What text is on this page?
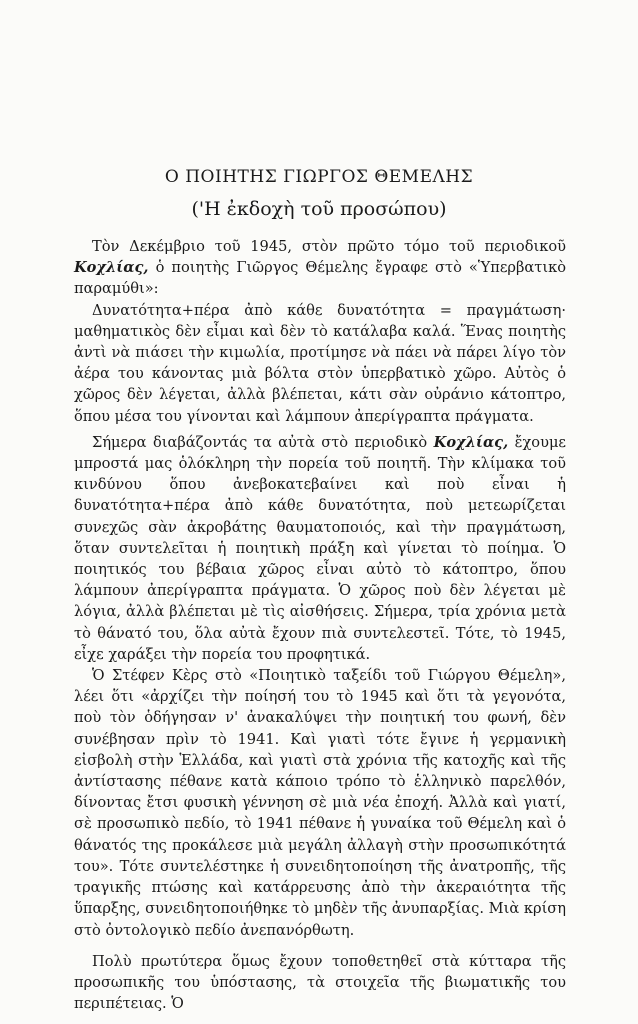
Ο ΠΟΙΗΤΗΣ ΓΙΩΡΓΟΣ ΘΕΜΕΛΗΣ
('Η ἐκδοχὴ τοῦ προσώπου)

Τὸν Δεκέμβριο τοῦ 1945, στὸν πρῶτο τόμο τοῦ περιοδικοῦ Κοχλίας, ὁ ποιητὴς Γιῶργος Θέμελης ἔγραφε στὸ «Ὑπερβατικὸ παραμύθι»:

Δυνατότητα+πέρα ἀπὸ κάθε δυνατότητα = πραγμάτωση· μαθηματικὸς δὲν εἶμαι καὶ δὲν τὸ κατάλαβα καλά. Ἕνας ποιητὴς ἀντὶ νὰ πιάσει τὴν κιμωλία, προτίμησε νὰ πάει νὰ πάρει λίγο τὸν ἀέρα του κάνοντας μιὰ βόλτα στὸν ὑπερβατικὸ χῶρο. Αὐτὸς ὁ χῶρος δὲν λέγεται, ἀλλὰ βλέπεται, κάτι σὰν οὐράνιο κάτοπτρο, ὅπου μέσα του γίνονται καὶ λάμπουν ἀπερίγραπτα πράγματα.

Σήμερα διαβάζοντάς τα αὐτὰ στὸ περιοδικὸ Κοχλίας, ἔχουμε μπροστά μας ὁλόκληρη τὴν πορεία τοῦ ποιητῆ. Τὴν κλίμακα τοῦ κινδύνου ὅπου ἀνεβοκατεβαίνει καὶ ποὺ εἶναι ἡ δυνατότητα+πέρα ἀπὸ κάθε δυνατότητα, ποὺ μετεωρίζεται συνεχῶς σὰν ἀκροβάτης θαυματοποιός, καὶ τὴν πραγμάτωση, ὅταν συντελεῖται ἡ ποιητικὴ πράξη καὶ γίνεται τὸ ποίημα. Ὁ ποιητικός του βέβαια χῶρος εἶναι αὐτὸ τὸ κάτοπτρο, ὅπου λάμπουν ἀπερίγραπτα πράγματα. Ὁ χῶρος ποὺ δὲν λέγεται μὲ λόγια, ἀλλὰ βλέπεται μὲ τὶς αἰσθήσεις. Σήμερα, τρία χρόνια μετὰ τὸ θάνατό του, ὅλα αὐτὰ ἔχουν πιὰ συντελεστεῖ. Τότε, τὸ 1945, εἶχε χαράξει τὴν πορεία του προφητικά.

Ὁ Στέφεν Κὲρς στὸ «Ποιητικὸ ταξείδι τοῦ Γιώργου Θέμελη», λέει ὅτι «ἀρχίζει τὴν ποίησή του τὸ 1945 καὶ ὅτι τὰ γεγονότα, ποὺ τὸν ὁδήγησαν ν' ἀνακαλύψει τὴν ποιητική του φωνή, δὲν συνέβησαν πρὶν τὸ 1941. Καὶ γιατὶ τότε ἔγινε ἡ γερμανικὴ εἰσβολὴ στὴν Ἑλλάδα, καὶ γιατὶ στὰ χρόνια τῆς κατοχῆς καὶ τῆς ἀντίστασης πέθανε κατὰ κάποιο τρόπο τὸ ἑλληνικὸ παρελθόν, δίνοντας ἔτσι φυσικὴ γέννηση σὲ μιὰ νέα ἐποχή. Ἀλλὰ καὶ γιατί, σὲ προσωπικὸ πεδίο, τὸ 1941 πέθανε ἡ γυναίκα τοῦ Θέμελη καὶ ὁ θάνατός της προκάλεσε μιὰ μεγάλη ἀλλαγὴ στὴν προσωπικότητά του». Τότε συντελέστηκε ἡ συνειδητοποίηση τῆς ἀνατροπῆς, τῆς τραγικῆς πτώσης καὶ κατάρρευσης ἀπὸ τὴν ἀκεραιότητα τῆς ὕπαρξης, συνειδητοποιήθηκε τὸ μηδὲν τῆς ἀνυπαρξίας. Μιὰ κρίση στὸ ὀντολογικὸ πεδίο ἀνεπανόρθωτη.

Πολὺ πρωτύτερα ὅμως ἔχουν τοποθετηθεῖ στὰ κύτταρα τῆς προσωπικῆς του ὑπόστασης, τὰ στοιχεῖα τῆς βιωματικῆς του περιπέτειας. Ὁ
